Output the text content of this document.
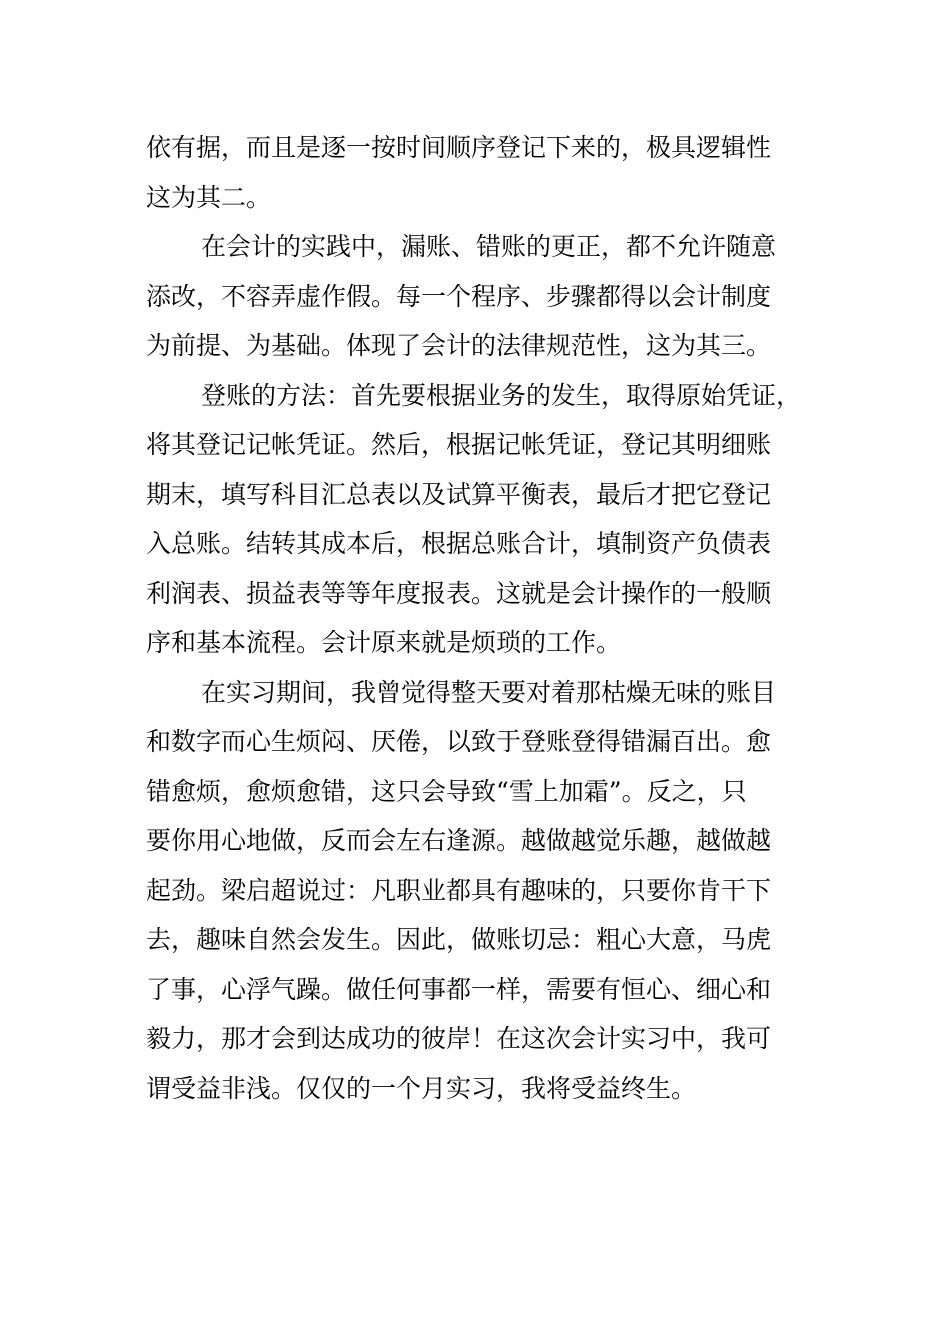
依有据，而且是逐一按时间顺序登记下来的，极具逻辑性
这为其二。
在会计的实践中，漏账、错账的更正，都不允许随意
添改，不容弄虚作假。每一个程序、步骤都得以会计制度
为前提、为基础。体现了会计的法律规范性，这为其三。
登账的方法：首先要根据业务的发生，取得原始凭证，
将其登记记帐凭证。然后，根据记帐凭证，登记其明细账
期末，填写科目汇总表以及试算平衡表，最后才把它登记
入总账。结转其成本后，根据总账合计，填制资产负债表
利润表、损益表等等年度报表。这就是会计操作的一般顺
序和基本流程。会计原来就是烦琐的工作。
在实习期间，我曾觉得整天要对着那枯燥无味的账目
和数字而心生烦闷、厌倦，以致于登账登得错漏百出。愈
错愈烦，愈烦愈错，这只会导致“雪上加霜”。反之，只
要你用心地做，反而会左右逢源。越做越觉乐趣，越做越
起劲。梁启超说过：凡职业都具有趣味的，只要你肯干下
去，趣味自然会发生。因此，做账切忌：粗心大意，马虎
了事，心浮气躁。做任何事都一样，需要有恒心、细心和
毅力，那才会到达成功的彼岸！在这次会计实习中，我可
谓受益非浅。仅仅的一个月实习，我将受益终生。
